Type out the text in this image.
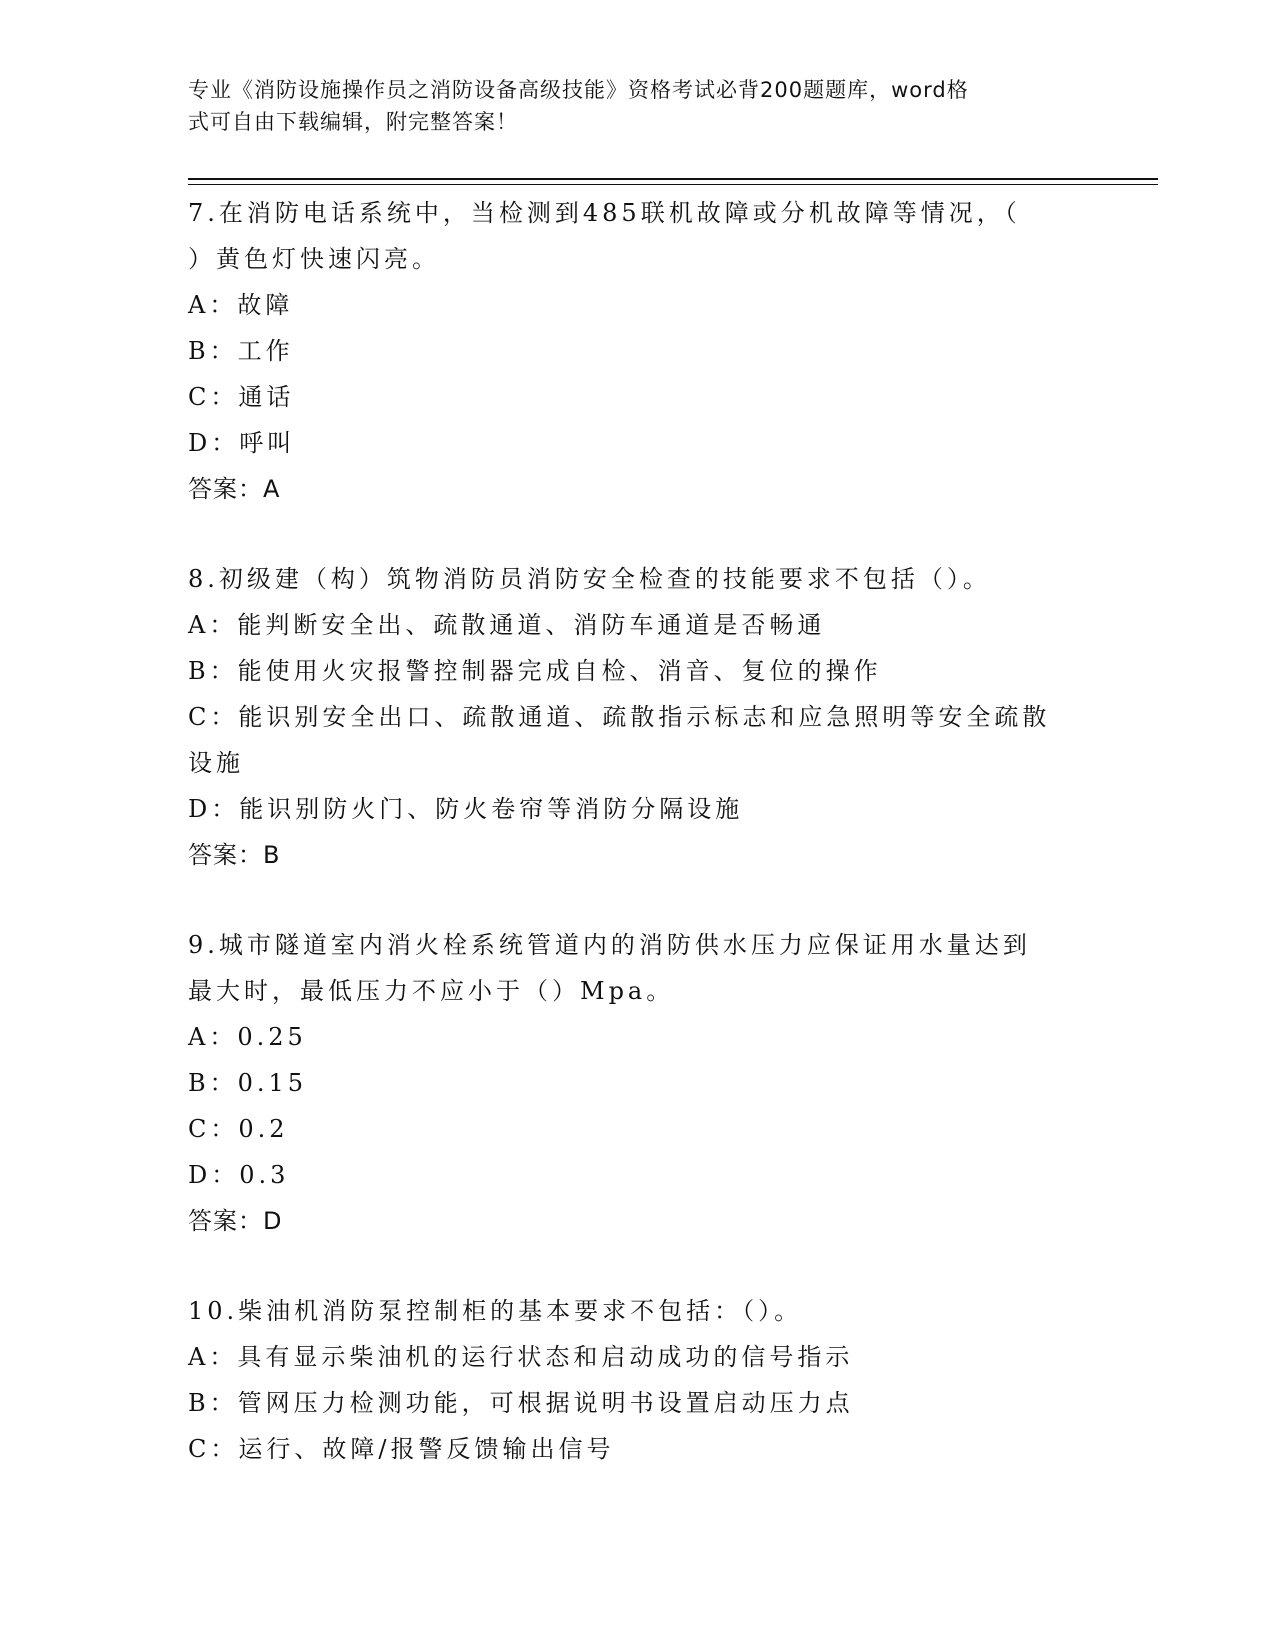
专业《消防设施操作员之消防设备高级技能》资格考试必背200题题库，word格
式可自由下载编辑，附完整答案！
7.在消防电话系统中，当检测到485联机故障或分机故障等情况，（
）黄色灯快速闪亮。
A：故障
B：工作
C：通话
D：呼叫
答案：A
8.初级建（构）筑物消防员消防安全检查的技能要求不包括（）。
A：能判断安全出、疏散通道、消防车通道是否畅通
B：能使用火灾报警控制器完成自检、消音、复位的操作
C：能识别安全出口、疏散通道、疏散指示标志和应急照明等安全疏散
设施
D：能识别防火门、防火卷帘等消防分隔设施
答案：B
9.城市隧道室内消火栓系统管道内的消防供水压力应保证用水量达到
最大时，最低压力不应小于（）Mpa。
A：0.25
B：0.15
C：0.2
D：0.3
答案：D
10.柴油机消防泵控制柜的基本要求不包括：（）。
A：具有显示柴油机的运行状态和启动成功的信号指示
B：管网压力检测功能，可根据说明书设置启动压力点
C：运行、故障/报警反馈输出信号
